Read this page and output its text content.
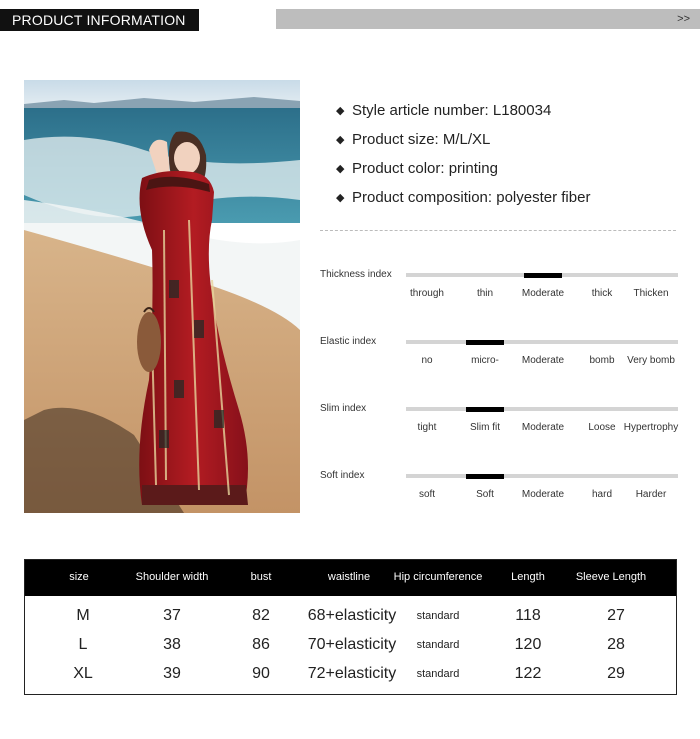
PRODUCT INFORMATION	>>
◆ Style article number: L180034
◆ Product size: M/L/XL
◆ Product color: printing
◆ Product composition: polyester fiber
Thickness index
through	thin	Moderate	thick	Thicken
Elastic index
no	micro-	Moderate	bomb	Very bomb
Slim index
tight	Slim fit	Moderate	Loose Hypertrophy
Soft index
soft	Soft	Moderate	hard	Harder
size	Shoulder width	bust	waistline	Hip circumference	Length	Sleeve Length
M	37	82	68+elasticity	standard	118	27
L	38	86	70+elasticity	standard	120	28
XL	39	90	72+elasticity	standard	122	29
